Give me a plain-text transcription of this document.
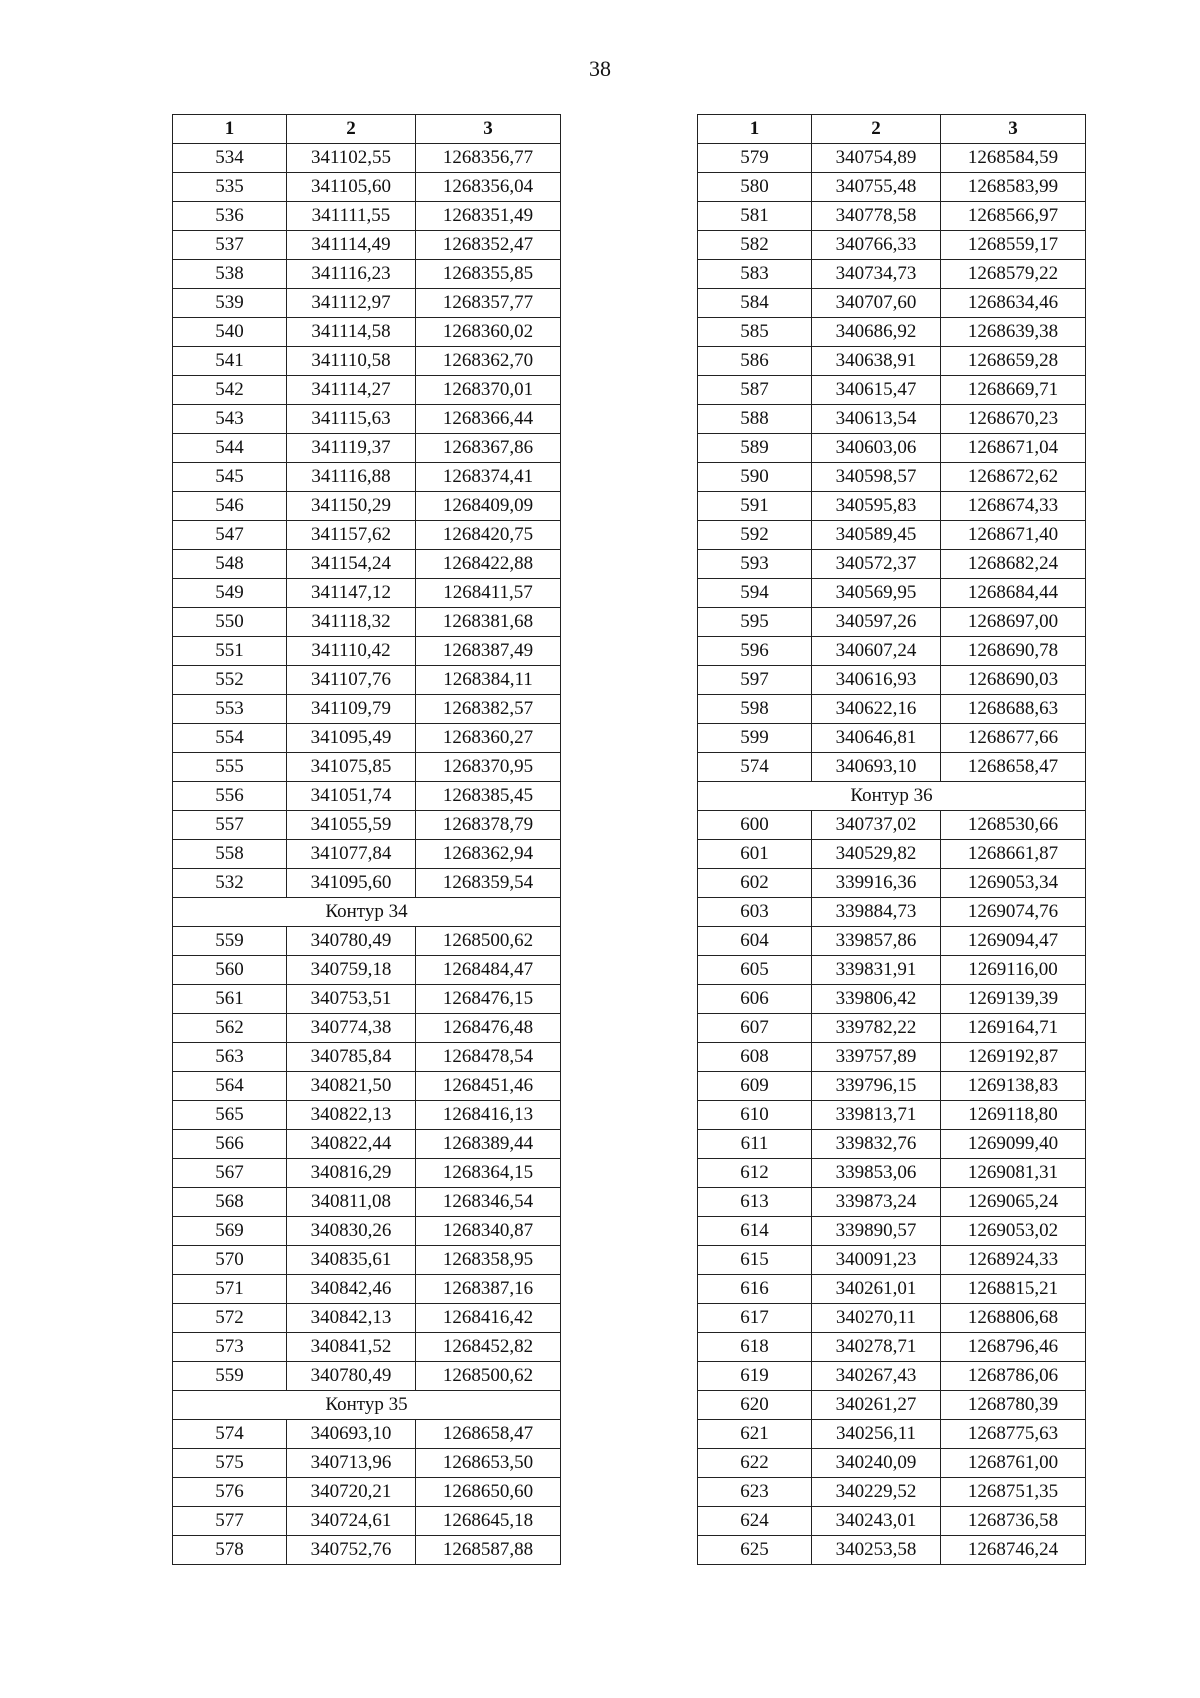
38
1	2	3
534	341102,55	1268356,77
535	341105,60	1268356,04
536	341111,55	1268351,49
537	341114,49	1268352,47
538	341116,23	1268355,85
539	341112,97	1268357,77
540	341114,58	1268360,02
541	341110,58	1268362,70
542	341114,27	1268370,01
543	341115,63	1268366,44
544	341119,37	1268367,86
545	341116,88	1268374,41
546	341150,29	1268409,09
547	341157,62	1268420,75
548	341154,24	1268422,88
549	341147,12	1268411,57
550	341118,32	1268381,68
551	341110,42	1268387,49
552	341107,76	1268384,11
553	341109,79	1268382,57
554	341095,49	1268360,27
555	341075,85	1268370,95
556	341051,74	1268385,45
557	341055,59	1268378,79
558	341077,84	1268362,94
532	341095,60	1268359,54
Контур 34		
559	340780,49	1268500,62
560	340759,18	1268484,47
561	340753,51	1268476,15
562	340774,38	1268476,48
563	340785,84	1268478,54
564	340821,50	1268451,46
565	340822,13	1268416,13
566	340822,44	1268389,44
567	340816,29	1268364,15
568	340811,08	1268346,54
569	340830,26	1268340,87
570	340835,61	1268358,95
571	340842,46	1268387,16
572	340842,13	1268416,42
573	340841,52	1268452,82
559	340780,49	1268500,62
Контур 35		
574	340693,10	1268658,47
575	340713,96	1268653,50
576	340720,21	1268650,60
577	340724,61	1268645,18
578	340752,76	1268587,88
1	2	3
579	340754,89	1268584,59
580	340755,48	1268583,99
581	340778,58	1268566,97
582	340766,33	1268559,17
583	340734,73	1268579,22
584	340707,60	1268634,46
585	340686,92	1268639,38
586	340638,91	1268659,28
587	340615,47	1268669,71
588	340613,54	1268670,23
589	340603,06	1268671,04
590	340598,57	1268672,62
591	340595,83	1268674,33
592	340589,45	1268671,40
593	340572,37	1268682,24
594	340569,95	1268684,44
595	340597,26	1268697,00
596	340607,24	1268690,78
597	340616,93	1268690,03
598	340622,16	1268688,63
599	340646,81	1268677,66
574	340693,10	1268658,47
Контур 36		
600	340737,02	1268530,66
601	340529,82	1268661,87
602	339916,36	1269053,34
603	339884,73	1269074,76
604	339857,86	1269094,47
605	339831,91	1269116,00
606	339806,42	1269139,39
607	339782,22	1269164,71
608	339757,89	1269192,87
609	339796,15	1269138,83
610	339813,71	1269118,80
611	339832,76	1269099,40
612	339853,06	1269081,31
613	339873,24	1269065,24
614	339890,57	1269053,02
615	340091,23	1268924,33
616	340261,01	1268815,21
617	340270,11	1268806,68
618	340278,71	1268796,46
619	340267,43	1268786,06
620	340261,27	1268780,39
621	340256,11	1268775,63
622	340240,09	1268761,00
623	340229,52	1268751,35
624	340243,01	1268736,58
625	340253,58	1268746,24
